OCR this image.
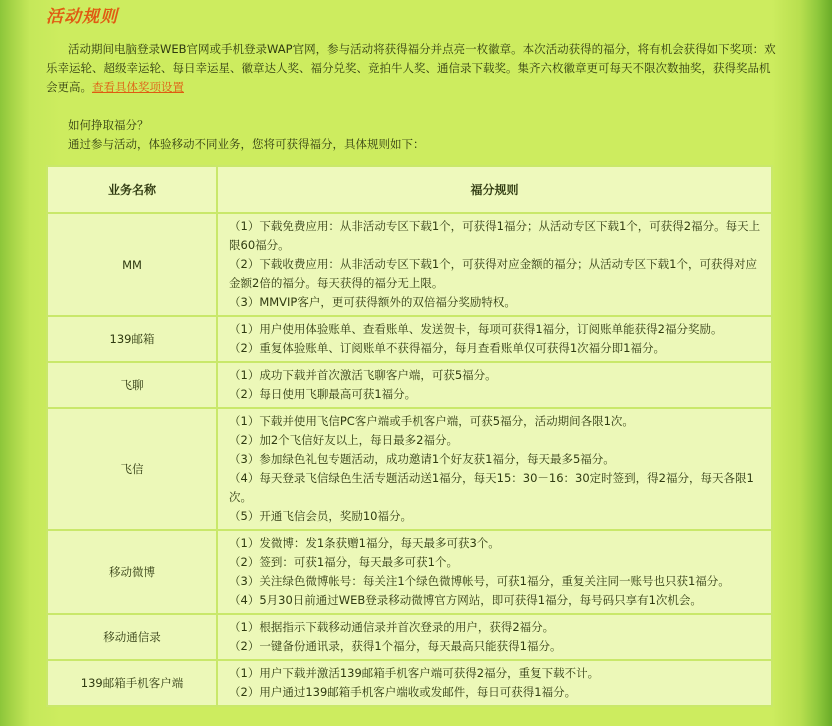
活动规则
活动期间电脑登录WEB官网或手机登录WAP官网，参与活动将获得福分并点亮一枚徽章。本次活动获得的福分，将有机会获得如下奖项：欢乐幸运轮、超级幸运轮、每日幸运星、徽章达人奖、福分兑奖、竞拍牛人奖、通信录下载奖。集齐六枚徽章更可每天不限次数抽奖，获得奖品机会更高。查看具体奖项设置
如何挣取福分？
通过参与活动，体验移动不同业务，您将可获得福分，具体规则如下：
业务名称	福分规则
MM	（1）下载免费应用：从非活动专区下载1个，可获得1福分；从活动专区下载1个，可获得2福分。每天上限60福分。
（2）下载收费应用：从非活动专区下载1个，可获得对应金额的福分；从活动专区下载1个，可获得对应金额2倍的福分。每天获得的福分无上限。
（3）MMVIP客户，更可获得额外的双倍福分奖励特权。

139邮箱	（1）用户使用体验账单、查看账单、发送贺卡，每项可获得1福分，订阅账单能获得2福分奖励。
（2）重复体验账单、订阅账单不获得福分，每月查看账单仅可获得1次福分即1福分。

飞聊	（1）成功下载并首次激活飞聊客户端，可获5福分。
（2）每日使用飞聊最高可获1福分。

飞信	（1）下载并使用飞信PC客户端或手机客户端，可获5福分，活动期间各限1次。
（2）加2个飞信好友以上，每日最多2福分。
（3）参加绿色礼包专题活动，成功邀请1个好友获1福分，每天最多5福分。
（4）每天登录飞信绿色生活专题活动送1福分，每天15：30－16：30定时签到，得2福分，每天各限1次。
（5）开通飞信会员，奖励10福分。

移动微博	（1）发微博：发1条获赠1福分，每天最多可获3个。
（2）签到：可获1福分，每天最多可获1个。
（3）关注绿色微博帐号：每关注1个绿色微博帐号，可获1福分，重复关注同一账号也只获1福分。
（4）5月30日前通过WEB登录移动微博官方网站，即可获得1福分，每号码只享有1次机会。

移动通信录	（1）根据指示下载移动通信录并首次登录的用户，获得2福分。
（2）一键备份通讯录，获得1个福分，每天最高只能获得1福分。

139邮箱手机客户端	（1）用户下载并激活139邮箱手机客户端可获得2福分，重复下载不计。
（2）用户通过139邮箱手机客户端收或发邮件，每日可获得1福分。
